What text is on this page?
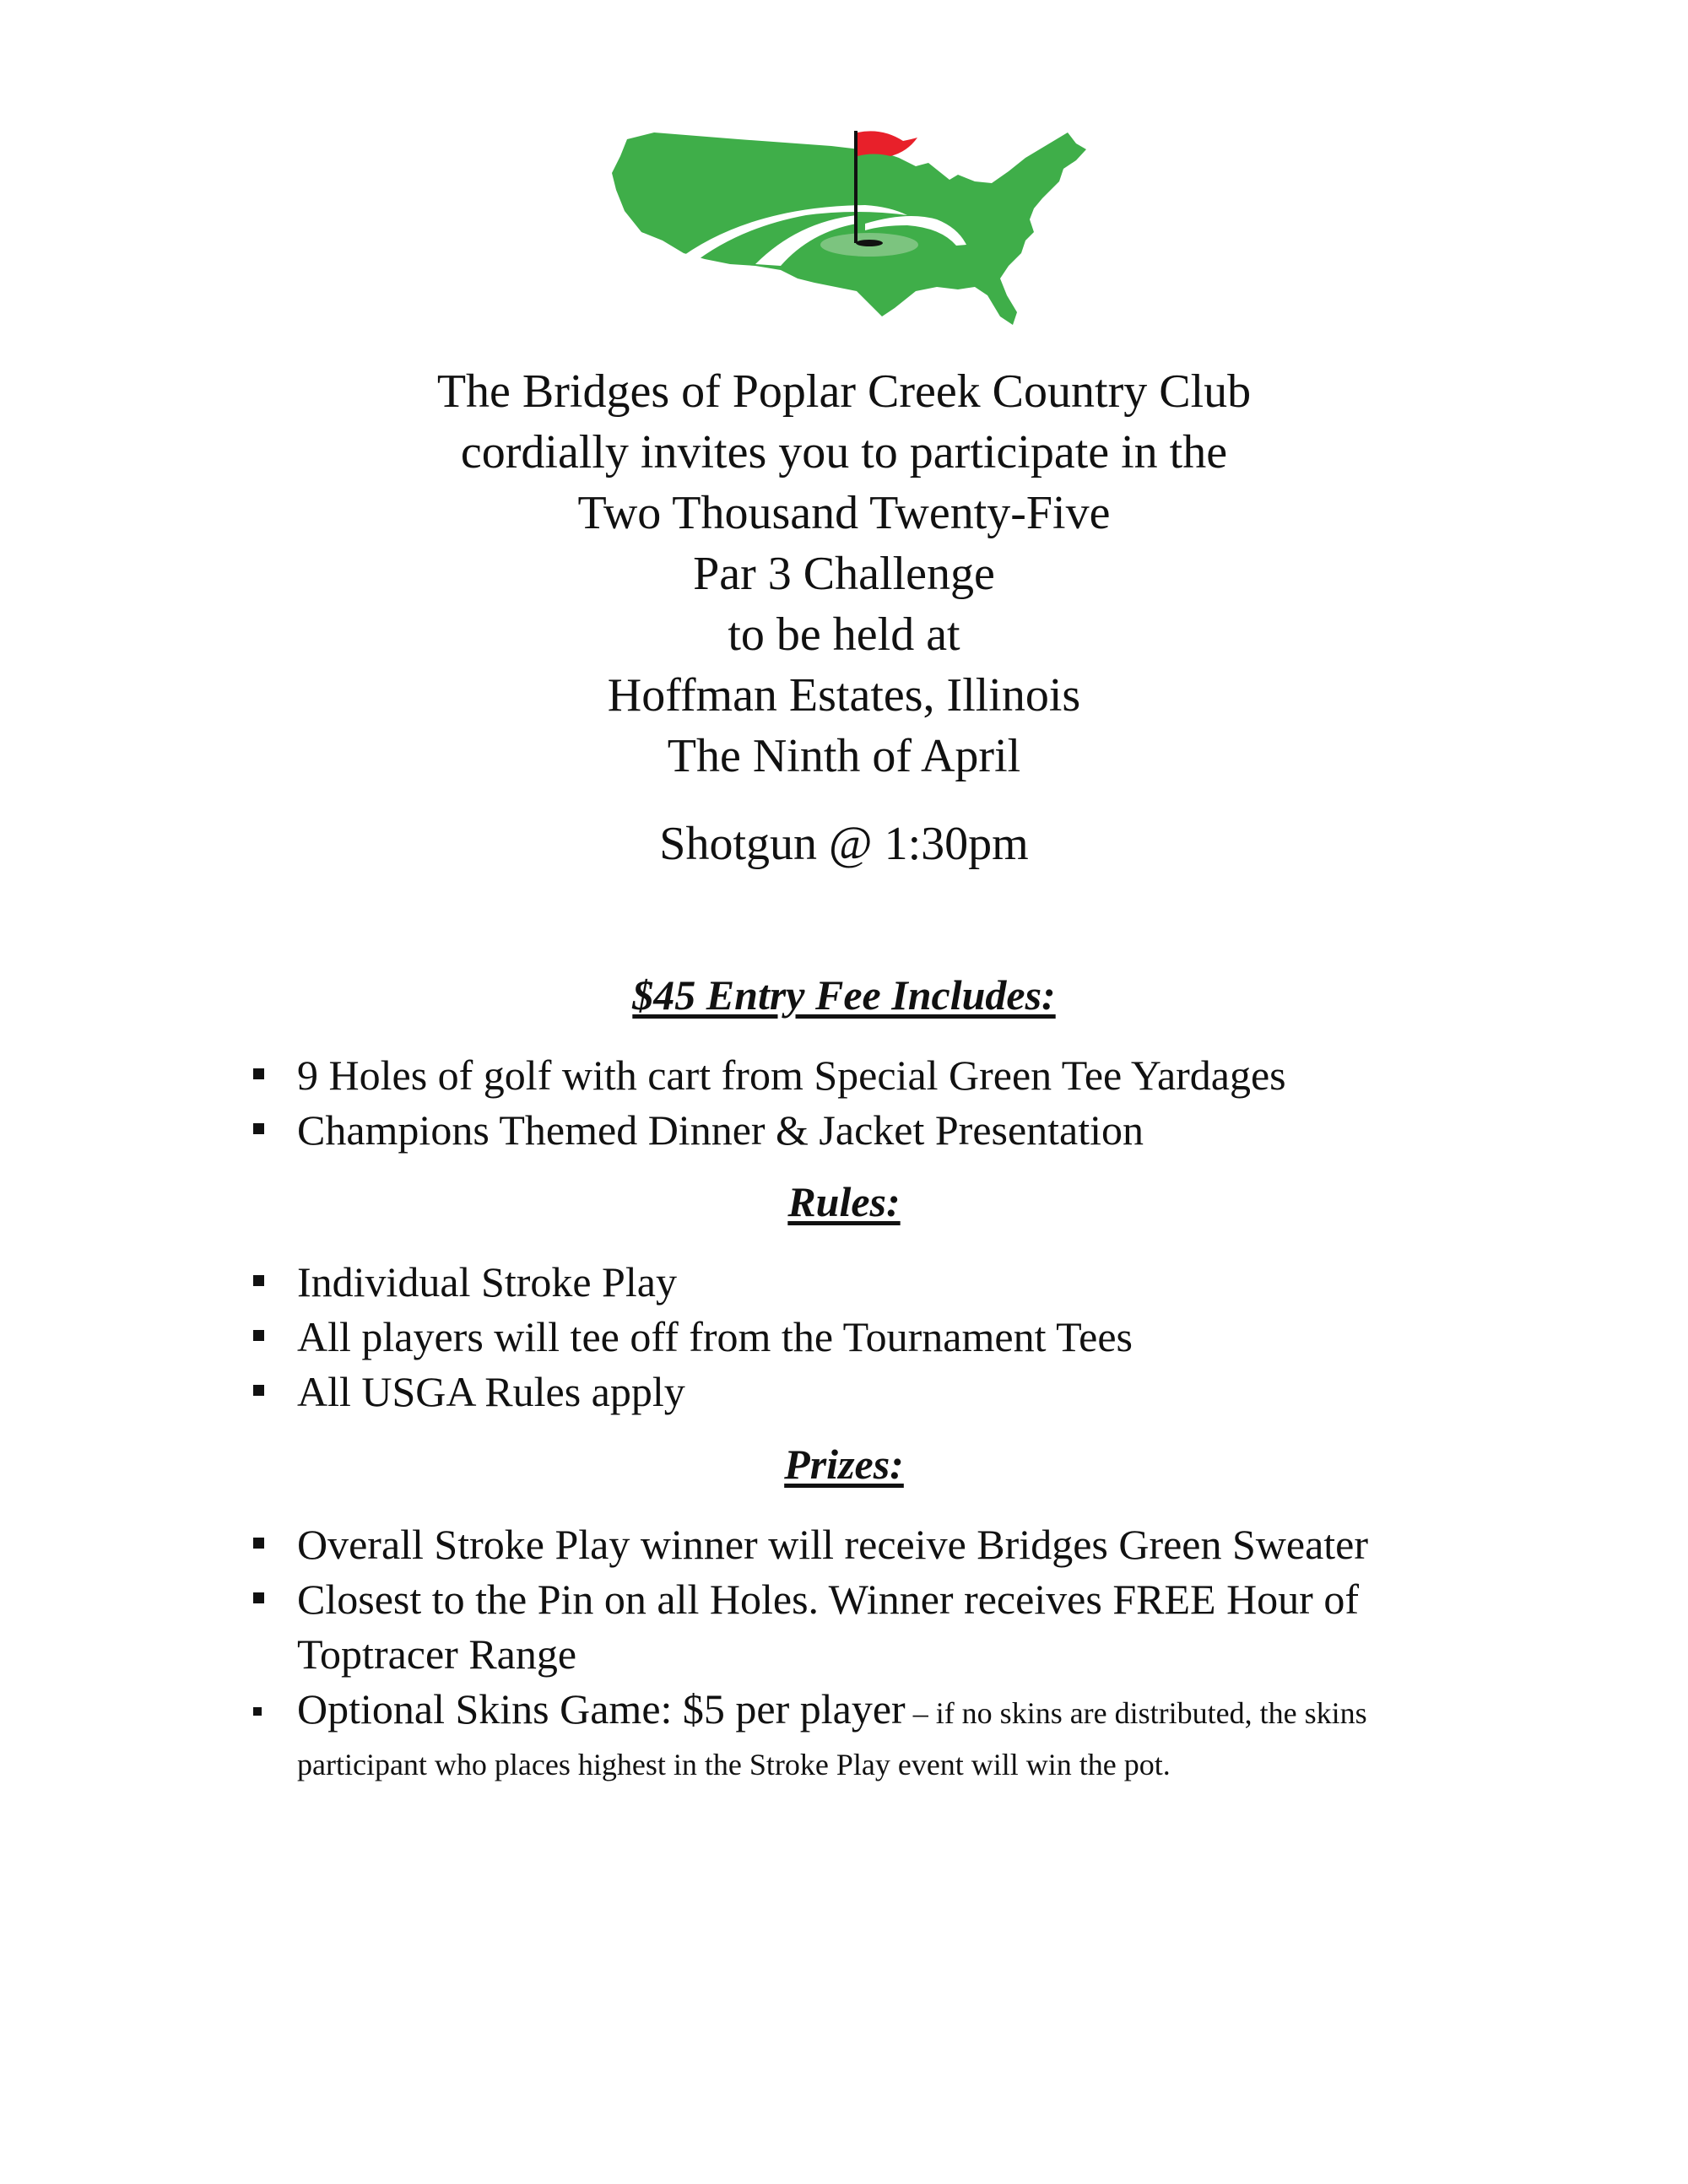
The Bridges of Poplar Creek Country Club
cordially invites you to participate in the
Two Thousand Twenty-Five
Par 3 Challenge
to be held at
Hoffman Estates, Illinois
The Ninth of April
Shotgun @ 1:30pm
$45 Entry Fee Includes:
9 Holes of golf with cart from Special Green Tee Yardages
Champions Themed Dinner & Jacket Presentation
Rules:
Individual Stroke Play
All players will tee off from the Tournament Tees
All USGA Rules apply
Prizes:
Overall Stroke Play winner will receive Bridges Green Sweater
Closest to the Pin on all Holes. Winner receives FREE Hour of Toptracer Range
Optional Skins Game: $5 per player – if no skins are distributed, the skins participant who places highest in the Stroke Play event will win the pot.
